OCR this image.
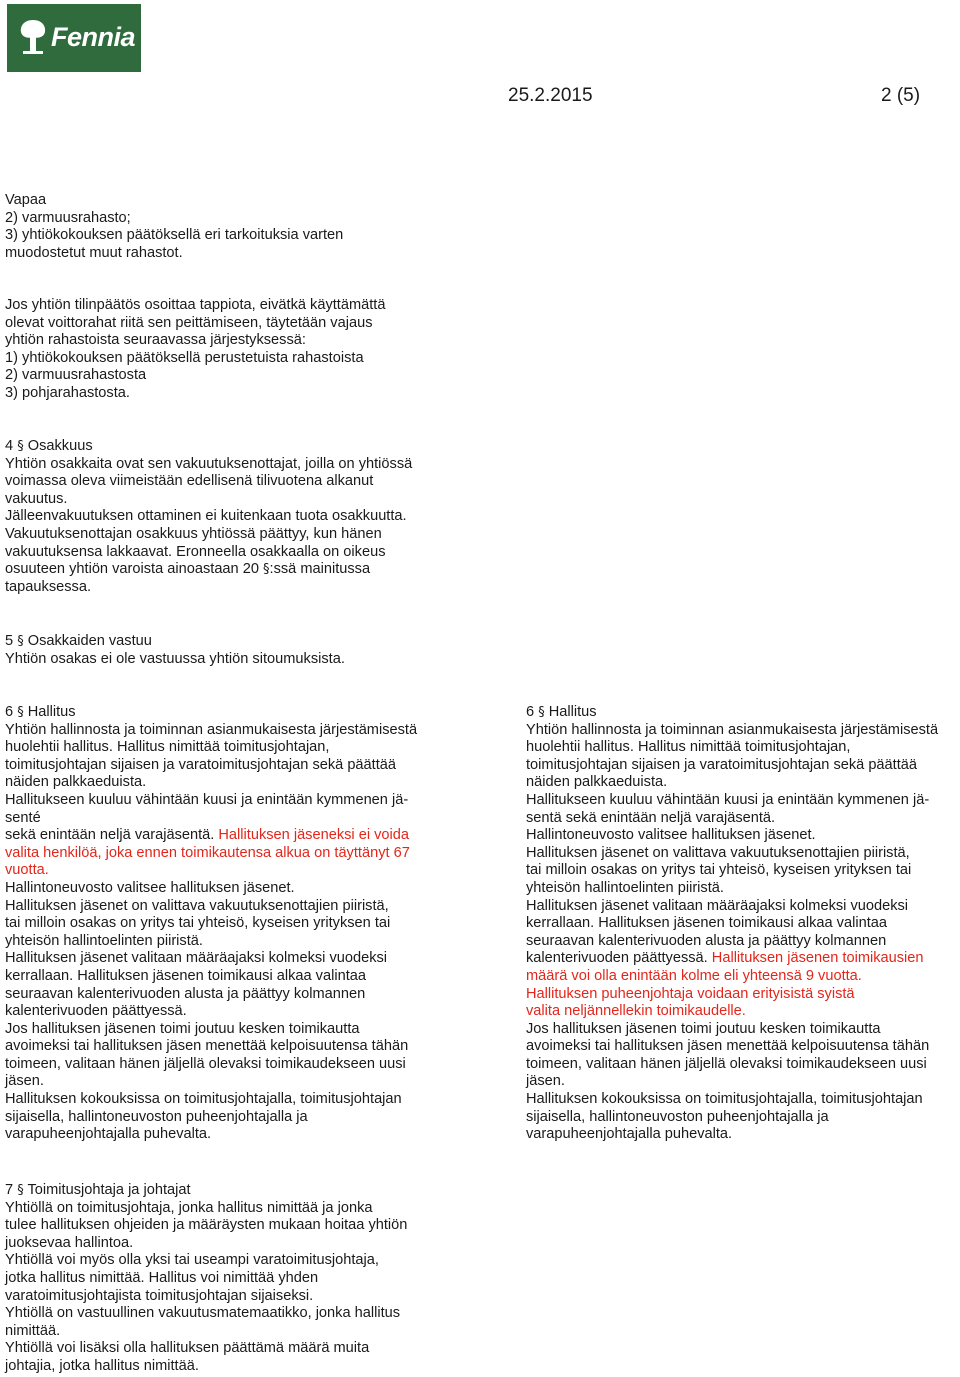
Fennia
25.2.2015	2 (5)

Vapaa

2) varmuusrahasto;

3) yhtiökokouksen päätöksellä eri tarkoituksia varten

muodostetut muut rahastot.

Jos yhtiön tilinpäätös osoittaa tappiota, eivätkä käyttämättä

olevat voittorahat riitä sen peittämiseen, täytetään vajaus

yhtiön rahastoista seuraavassa järjestyksessä:

1) yhtiökokouksen päätöksellä perustetuista rahastoista

2) varmuusrahastosta

3) pohjarahastosta.

4 § Osakkuus

Yhtiön osakkaita ovat sen vakuutuksenottajat, joilla on yhtiössä

voimassa oleva viimeistään edellisenä tilivuotena alkanut

vakuutus.

Jälleenvakuutuksen ottaminen ei kuitenkaan tuota osakkuutta.

Vakuutuksenottajan osakkuus yhtiössä päättyy, kun hänen

vakuutuksensa lakkaavat. Eronneella osakkaalla on oikeus

osuuteen yhtiön varoista ainoastaan 20 §:ssä mainitussa

tapauksessa.

5 § Osakkaiden vastuu

Yhtiön osakas ei ole vastuussa yhtiön sitoumuksista.

6 § Hallitus

Yhtiön hallinnosta ja toiminnan asianmukaisesta järjestämisestä

huolehtii hallitus. Hallitus nimittää toimitusjohtajan,

toimitusjohtajan sijaisen ja varatoimitusjohtajan sekä päättää

näiden palkkaeduista.

Hallitukseen kuuluu vähintään kuusi ja enintään kymmenen jä-

senté

sekä enintään neljä varajäsentä. Hallituksen jäseneksi ei voida

valita henkilöä, joka ennen toimikautensa alkua on täyttänyt 67

vuotta.

Hallintoneuvosto valitsee hallituksen jäsenet.

Hallituksen jäsenet on valittava vakuutuksenottajien piiristä,

tai milloin osakas on yritys tai yhteisö, kyseisen yrityksen tai

yhteisön hallintoelinten piiristä.

Hallituksen jäsenet valitaan määräajaksi kolmeksi vuodeksi

kerrallaan. Hallituksen jäsenen toimikausi alkaa valintaa

seuraavan kalenterivuoden alusta ja päättyy kolmannen

kalenterivuoden päättyessä.

Jos hallituksen jäsenen toimi joutuu kesken toimikautta

avoimeksi tai hallituksen jäsen menettää kelpoisuutensa tähän

toimeen, valitaan hänen jäljellä olevaksi toimikaudekseen uusi

jäsen.

Hallituksen kokouksissa on toimitusjohtajalla, toimitusjohtajan

sijaisella, hallintoneuvoston puheenjohtajalla ja

varapuheenjohtajalla puhevalta.

6 § Hallitus

Yhtiön hallinnosta ja toiminnan asianmukaisesta järjestämisestä

huolehtii hallitus. Hallitus nimittää toimitusjohtajan,

toimitusjohtajan sijaisen ja varatoimitusjohtajan sekä päättää

näiden palkkaeduista.

Hallitukseen kuuluu vähintään kuusi ja enintään kymmenen jä-

sentä sekä enintään neljä varajäsentä.

Hallintoneuvosto valitsee hallituksen jäsenet.

Hallituksen jäsenet on valittava vakuutuksenottajien piiristä,

tai milloin osakas on yritys tai yhteisö, kyseisen yrityksen tai

yhteisön hallintoelinten piiristä.

Hallituksen jäsenet valitaan määräajaksi kolmeksi vuodeksi

kerrallaan. Hallituksen jäsenen toimikausi alkaa valintaa

seuraavan kalenterivuoden alusta ja päättyy kolmannen

kalenterivuoden päättyessä. Hallituksen jäsenen toimikausien

määrä voi olla enintään kolme eli yhteensä 9 vuotta.

Hallituksen puheenjohtaja voidaan erityisistä syistä

valita neljännellekin toimikaudelle.

Jos hallituksen jäsenen toimi joutuu kesken toimikautta

avoimeksi tai hallituksen jäsen menettää kelpoisuutensa tähän

toimeen, valitaan hänen jäljellä olevaksi toimikaudekseen uusi

jäsen.

Hallituksen kokouksissa on toimitusjohtajalla, toimitusjohtajan

sijaisella, hallintoneuvoston puheenjohtajalla ja

varapuheenjohtajalla puhevalta.

7 § Toimitusjohtaja ja johtajat

Yhtiöllä on toimitusjohtaja, jonka hallitus nimittää ja jonka

tulee hallituksen ohjeiden ja määräysten mukaan hoitaa yhtiön

juoksevaa hallintoa.

Yhtiöllä voi myös olla yksi tai useampi varatoimitusjohtaja,

jotka hallitus nimittää. Hallitus voi nimittää yhden

varatoimitusjohtajista toimitusjohtajan sijaiseksi.

Yhtiöllä on vastuullinen vakuutusmatemaatikko, jonka hallitus

nimittää.

Yhtiöllä voi lisäksi olla hallituksen päättämä määrä muita

johtajia, jotka hallitus nimittää.
